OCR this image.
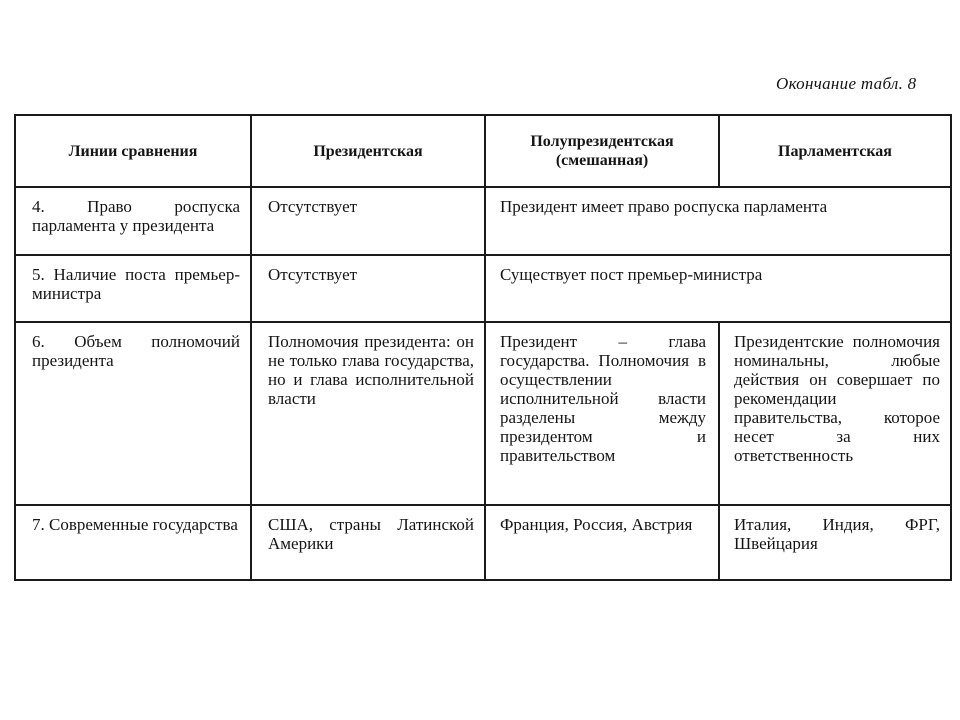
Окончание табл. 8
Линии сравнения	Президентская	Полупрезидентская (смешанная)	Парламентская
4. Право роспуска парламента у президента	Отсутствует	Президент имеет право роспуска парламента	
5. Наличие поста премьер-министра	Отсутствует	Существует пост премьер-министра	
6. Объем полномочий президента	Полномочия президента: он не только глава государства, но и глава исполнительной власти	Президент – глава государства. Полномочия в осуществлении исполнительной власти разделены между президентом и правительством	Президентские полномочия номинальны, любые действия он совершает по рекомендации правительства, которое несет за них ответственность
7. Современные государства	США, страны Латинской Америки	Франция, Россия, Австрия	Италия, Индия, ФРГ, Швейцария
